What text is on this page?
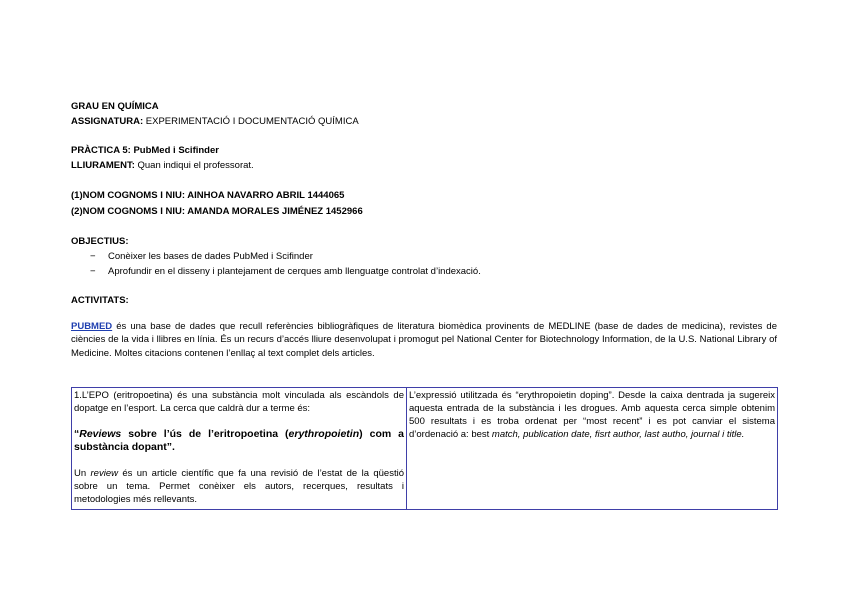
GRAU EN QUÍMICA
ASSIGNATURA: EXPERIMENTACIÓ I DOCUMENTACIÓ QUÍMICA
PRÀCTICA 5: PubMed i Scifinder
LLIURAMENT: Quan indiqui el professorat.
(1)NOM COGNOMS I NIU: AINHOA NAVARRO ABRIL 1444065
(2)NOM COGNOMS I NIU: AMANDA MORALES JIMÉNEZ 1452966
OBJECTIUS:
− Conèixer les bases de dades PubMed i Scifinder
− Aprofundir en el disseny i plantejament de cerques amb llenguatge controlat d’indexació.
ACTIVITATS:
PUBMED és una base de dades que recull referències bibliogràfiques de literatura biomèdica provinents de MEDLINE (base de dades de medicina), revistes de ciències de la vida i llibres en línia. És un recurs d’accés lliure desenvolupat i promogut pel National Center for Biotechnology Information, de la U.S. National Library of Medicine. Moltes citacions contenen l’enllaç al text complet dels articles.

1.L’EPO (eritropoetina) és una substància molt vinculada als escàndols de dopatge en l’esport. La cerca que caldrà dur a terme és:

“Reviews sobre l’ús de l’eritropoetina (erythropoietin) com a substància dopant”.

Un review és un article científic que fa una revisió de l’estat de la qüestió sobre un tema. Permet conèixer els autors, recerques, resultats i metodologies més rellevants.

L’expressió utilitzada és “erythropoietin doping”. Desde la caixa dentrada ja sugereix aquesta entrada de la substància i les drogues. Amb aquesta cerca simple obtenim 500 resultats i es troba ordenat per “most recent” i es pot canviar el sistema d’ordenació a: best match, publication date, fisrt author, last autho, journal i title.
